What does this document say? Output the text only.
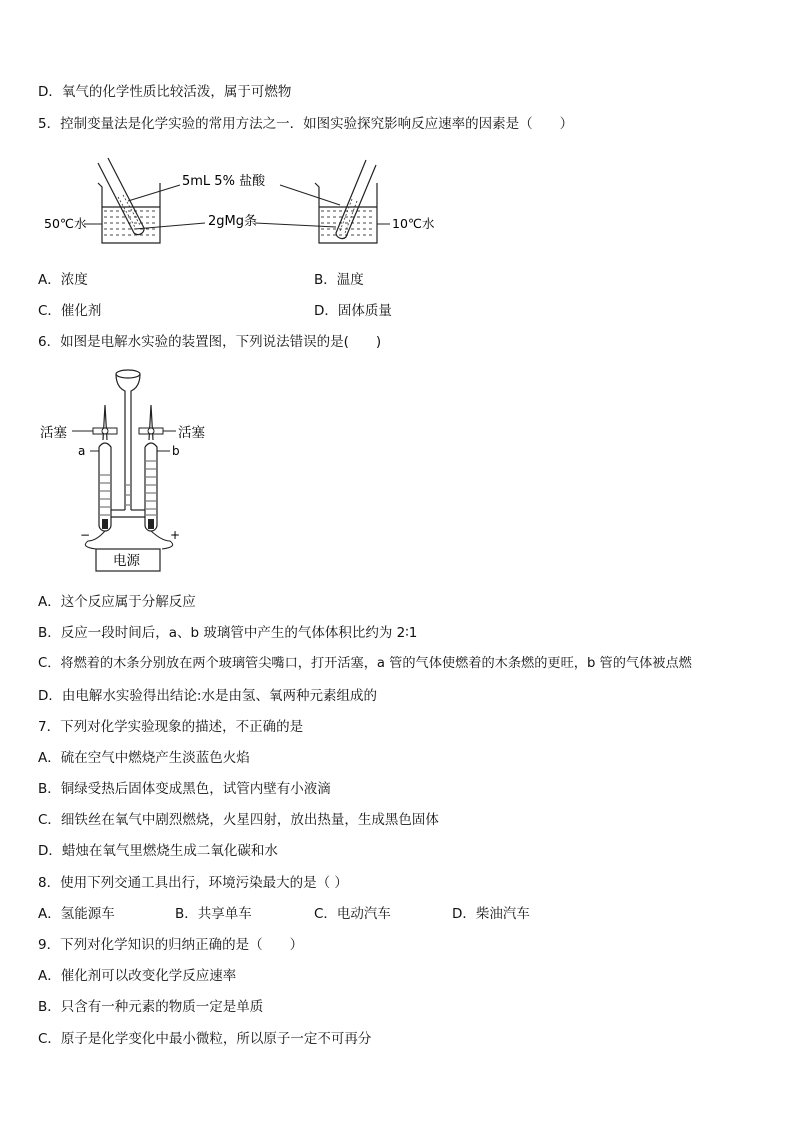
D．氧气的化学性质比较活泼，属于可燃物
5．控制变量法是化学实验的常用方法之一．如图实验探究影响反应速率的因素是（　　）
5mL 5% 盐酸
2gMg条
50℃水	10℃水
A．浓度	B．温度
C．催化剂	D．固体质量
6．如图是电解水实验的装置图，下列说法错误的是(　　)
活塞	活塞
a	b
−	+
电源
A．这个反应属于分解反应
B．反应一段时间后，a、b 玻璃管中产生的气体体积比约为 2∶1
C．将燃着的木条分别放在两个玻璃管尖嘴口，打开活塞，a 管的气体使燃着的木条燃的更旺，b 管的气体被点燃
D．由电解水实验得出结论:水是由氢、氧两种元素组成的
7．下列对化学实验现象的描述，不正确的是
A．硫在空气中燃烧产生淡蓝色火焰
B．铜绿受热后固体变成黑色，试管内壁有小液滴
C．细铁丝在氧气中剧烈燃烧，火星四射，放出热量，生成黑色固体
D．蜡烛在氧气里燃烧生成二氧化碳和水
8．使用下列交通工具出行，环境污染最大的是（ ）
A．氢能源车	B．共享单车	C．电动汽车	D．柴油汽车
9．下列对化学知识的归纳正确的是（　　）
A．催化剂可以改变化学反应速率
B．只含有一种元素的物质一定是单质
C．原子是化学变化中最小微粒，所以原子一定不可再分
